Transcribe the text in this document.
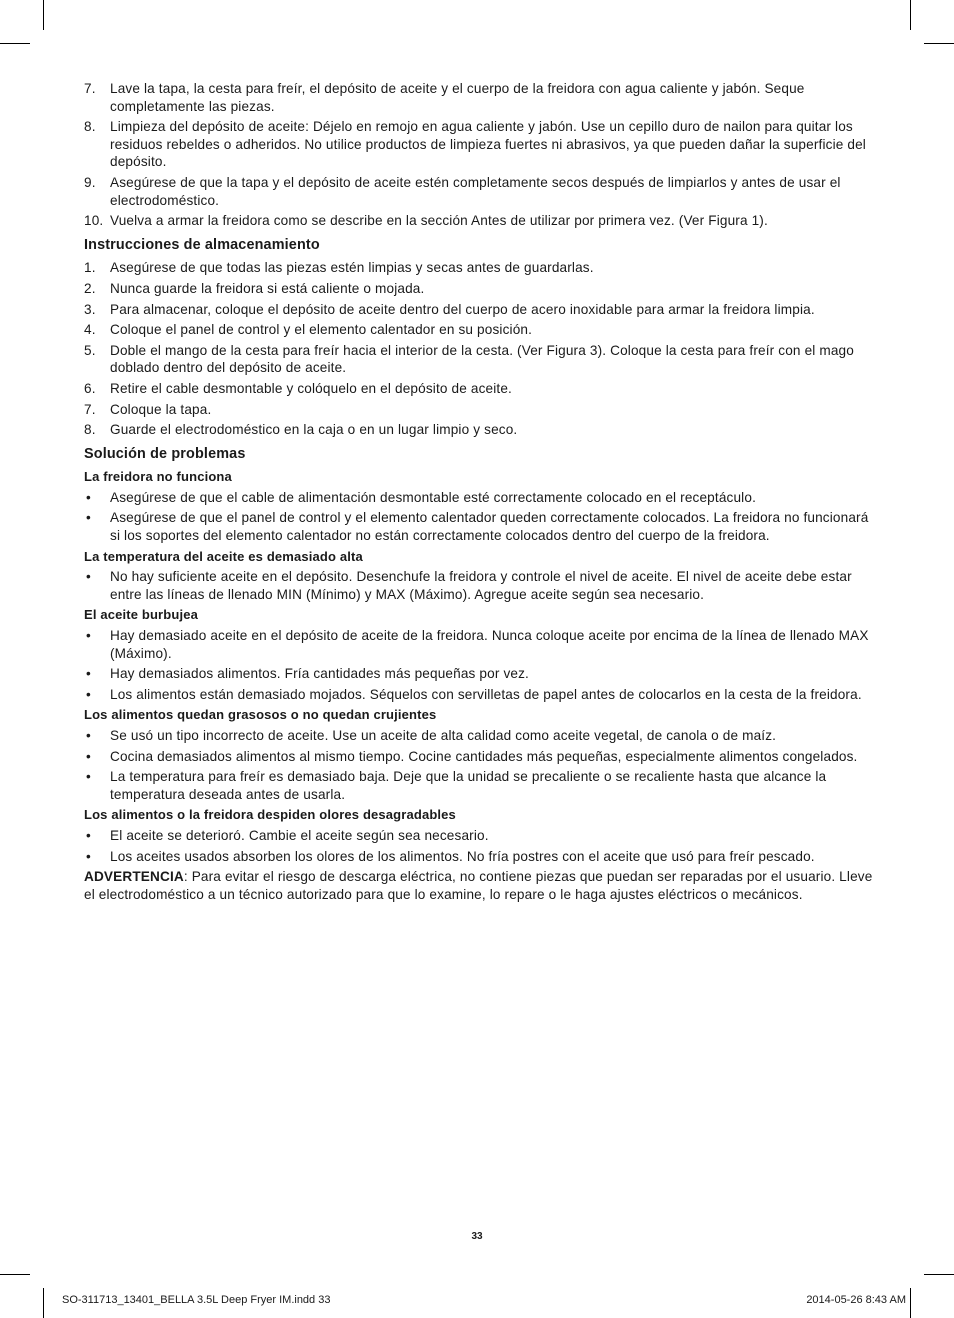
7. Lave la tapa, la cesta para freír, el depósito de aceite y el cuerpo de la freidora con agua caliente y jabón. Seque completamente las piezas.
8. Limpieza del depósito de aceite: Déjelo en remojo en agua caliente y jabón. Use un cepillo duro de nailon para quitar los residuos rebeldes o adheridos. No utilice productos de limpieza fuertes ni abrasivos, ya que pueden dañar la superficie del depósito.
9. Asegúrese de que la tapa y el depósito de aceite estén completamente secos después de limpiarlos y antes de usar el electrodoméstico.
10. Vuelva a armar la freidora como se describe en la sección Antes de utilizar por primera vez. (Ver Figura 1).
Instrucciones de almacenamiento
1. Asegúrese de que todas las piezas estén limpias y secas antes de guardarlas.
2. Nunca guarde la freidora si está caliente o mojada.
3. Para almacenar, coloque el depósito de aceite dentro del cuerpo de acero inoxidable para armar la freidora limpia.
4. Coloque el panel de control y el elemento calentador en su posición.
5. Doble el mango de la cesta para freír hacia el interior de la cesta. (Ver Figura 3). Coloque la cesta para freír con el mago doblado dentro del depósito de aceite.
6. Retire el cable desmontable y colóquelo en el depósito de aceite.
7. Coloque la tapa.
8. Guarde el electrodoméstico en la caja o en un lugar limpio y seco.
Solución de problemas
La freidora no funciona
• Asegúrese de que el cable de alimentación desmontable esté correctamente colocado en el receptáculo.
• Asegúrese de que el panel de control y el elemento calentador queden correctamente colocados. La freidora no funcionará si los soportes del elemento calentador no están correctamente colocados dentro del cuerpo de la freidora.
La temperatura del aceite es demasiado alta
• No hay suficiente aceite en el depósito. Desenchufe la freidora y controle el nivel de aceite. El nivel de aceite debe estar entre las líneas de llenado MIN (Mínimo) y MAX (Máximo). Agregue aceite según sea necesario.
El aceite burbujea
• Hay demasiado aceite en el depósito de aceite de la freidora. Nunca coloque aceite por encima de la línea de llenado MAX (Máximo).
• Hay demasiados alimentos. Fría cantidades más pequeñas por vez.
• Los alimentos están demasiado mojados. Séquelos con servilletas de papel antes de colocarlos en la cesta de la freidora.
Los alimentos quedan grasosos o no quedan crujientes
• Se usó un tipo incorrecto de aceite. Use un aceite de alta calidad como aceite vegetal, de canola o de maíz.
• Cocina demasiados alimentos al mismo tiempo. Cocine cantidades más pequeñas, especialmente alimentos congelados.
• La temperatura para freír es demasiado baja. Deje que la unidad se precaliente o se recaliente hasta que alcance la temperatura deseada antes de usarla.
Los alimentos o la freidora despiden olores desagradables
• El aceite se deterioró. Cambie el aceite según sea necesario.
• Los aceites usados absorben los olores de los alimentos. No fría postres con el aceite que usó para freír pescado.
ADVERTENCIA: Para evitar el riesgo de descarga eléctrica, no contiene piezas que puedan ser reparadas por el usuario. Lleve el electrodoméstico a un técnico autorizado para que lo examine, lo repare o le haga ajustes eléctricos o mecánicos.
33
SO-311713_13401_BELLA 3.5L Deep Fryer IM.indd 33	2014-05-26 8:43 AM
